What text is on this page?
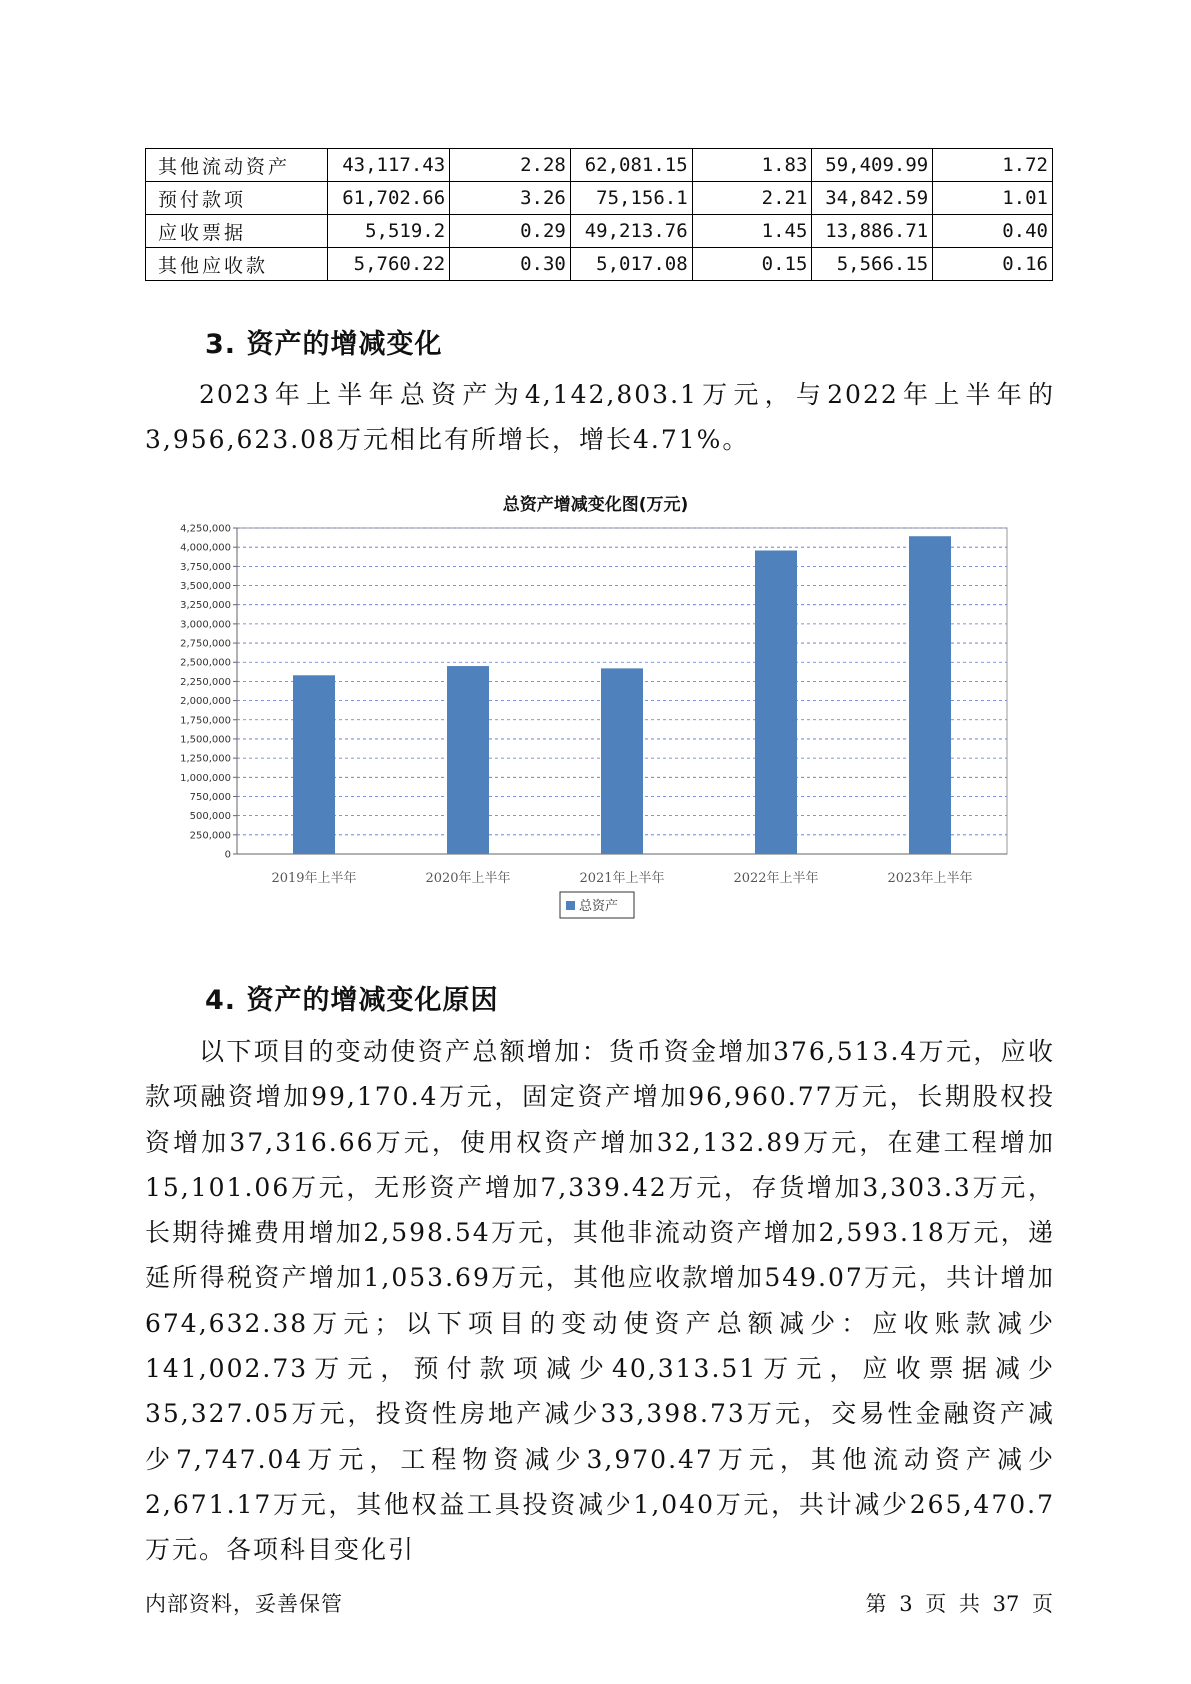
其他流动资产	43,117.43	2.28	62,081.15	1.83	59,409.99	1.72
预付款项	61,702.66	3.26	75,156.1	2.21	34,842.59	1.01
应收票据	5,519.2	0.29	49,213.76	1.45	13,886.71	0.40
其他应收款	5,760.22	0.30	5,017.08	0.15	5,566.15	0.16
3. 资产的增减变化

2023年上半年总资产为4,142,803.1万元，与2022年上半年的3,956,623.08万元相比有所增长，增长4.71%。

总资产增减变化图(万元)
0
250,000
500,000
750,000
1,000,000
1,250,000
1,500,000
1,750,000
2,000,000
2,250,000
2,500,000
2,750,000
3,000,000
3,250,000
3,500,000
3,750,000
4,000,000
4,250,000
2019年上半年	2020年上半年	2021年上半年	2022年上半年	2023年上半年
总资产
4. 资产的增减变化原因

以下项目的变动使资产总额增加：货币资金增加376,513.4万元，应收款项融资增加99,170.4万元，固定资产增加96,960.77万元，长期股权投资增加37,316.66万元，使用权资产增加32,132.89万元，在建工程增加15,101.06万元，无形资产增加7,339.42万元，存货增加3,303.3万元，长期待摊费用增加2,598.54万元，其他非流动资产增加2,593.18万元，递延所得税资产增加1,053.69万元，其他应收款增加549.07万元，共计增加674,632.38万元；以下项目的变动使资产总额减少：应收账款减少141,002.73万元，预付款项减少40,313.51万元，应收票据减少35,327.05万元，投资性房地产减少33,398.73万元，交易性金融资产减少7,747.04万元，工程物资减少3,970.47万元，其他流动资产减少2,671.17万元，其他权益工具投资减少1,040万元，共计减少265,470.7万元。各项科目变化引

内部资料，妥善保管	第 3 页 共 37 页
